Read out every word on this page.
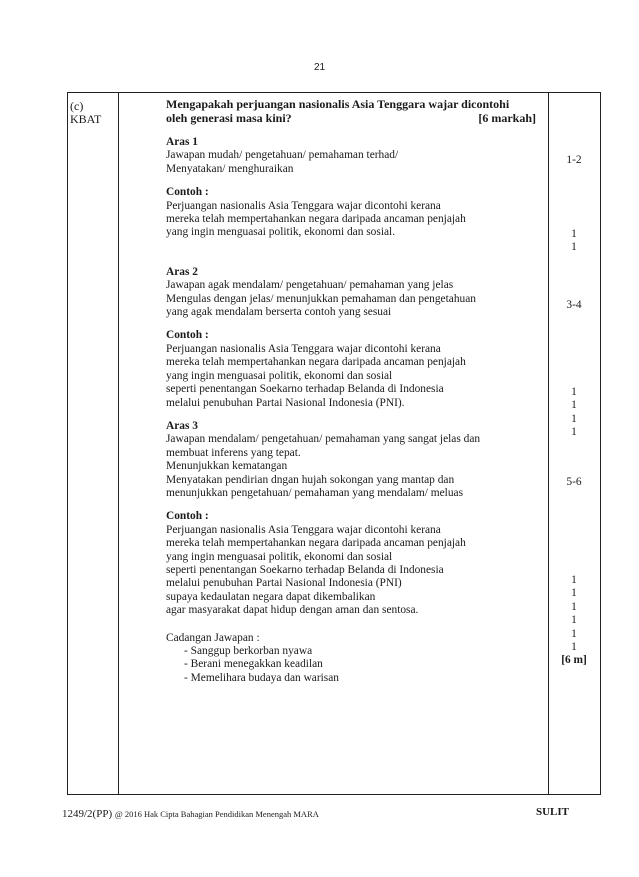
21
(c)
KBAT
Mengapakah perjuangan nasionalis Asia Tenggara wajar dicontohi
oleh generasi masa kini?	[6 markah]
Aras 1
Jawapan mudah/ pengetahuan/ pemahaman terhad/
Menyatakan/ menghuraikan
Contoh :
Perjuangan nasionalis Asia Tenggara wajar dicontohi kerana
mereka telah mempertahankan negara daripada ancaman penjajah
yang ingin menguasai politik, ekonomi dan sosial.
Aras 2
Jawapan agak mendalam/ pengetahuan/ pemahaman yang jelas
Mengulas dengan jelas/ menunjukkan pemahaman dan pengetahuan
yang agak mendalam berserta contoh yang sesuai
Contoh :
Perjuangan nasionalis Asia Tenggara wajar dicontohi kerana
mereka telah mempertahankan negara daripada ancaman penjajah
yang ingin menguasai politik, ekonomi dan sosial
seperti penentangan Soekarno terhadap Belanda di Indonesia
melalui penubuhan Partai Nasional Indonesia (PNI).
Aras 3
Jawapan mendalam/ pengetahuan/ pemahaman yang sangat jelas dan
membuat inferens yang tepat.
Menunjukkan kematangan
Menyatakan pendirian dngan hujah sokongan yang mantap dan
menunjukkan pengetahuan/ pemahaman yang mendalam/ meluas
Contoh :
Perjuangan nasionalis Asia Tenggara wajar dicontohi kerana
mereka telah mempertahankan negara daripada ancaman penjajah
yang ingin menguasai politik, ekonomi dan sosial
seperti penentangan Soekarno terhadap Belanda di Indonesia
melalui penubuhan Partai Nasional Indonesia (PNI)
supaya kedaulatan negara dapat dikembalikan
agar masyarakat dapat hidup dengan aman dan sentosa.
Cadangan Jawapan :
- Sanggup berkorban nyawa
- Berani menegakkan keadilan
- Memelihara budaya dan warisan
1-2
1
1
3-4
1
1
1
1
5-6
1
1
1
1
1
1
[6 m]
1249/2(PP) @ 2016 Hak Cipta Bahagian Pendidikan Menengah MARA	SULIT
